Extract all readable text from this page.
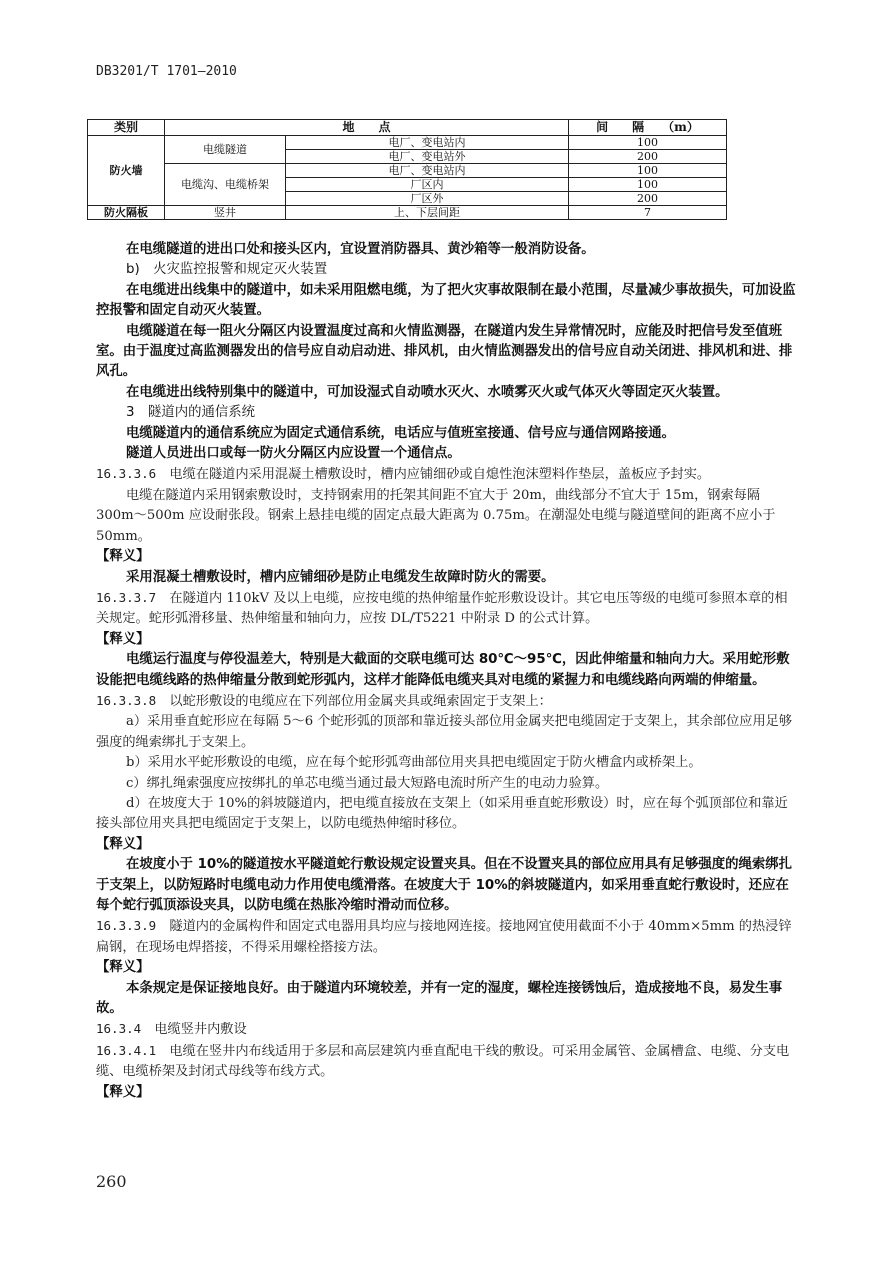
DB3201/T 1701—2010
类别	地　　点		间　　隔　　（m）
防火墙	电缆隧道	电厂、变电站内	100
		电厂、变电站外	200
	电缆沟、电缆桥架	电厂、变电站内	100
		厂区内	100
		厂区外	200
防火隔板	竖井	上、下层间距	7

在电缆隧道的进出口处和接头区内，宜设置消防器具、黄沙箱等一般消防设备。

b)　火灾监控报警和规定灭火装置

在电缆进出线集中的隧道中，如未采用阻燃电缆，为了把火灾事故限制在最小范围，尽量减少事故损失，可加设监控报警和固定自动灭火装置。

电缆隧道在每一阻火分隔区内设置温度过高和火情监测器，在隧道内发生异常情况时，应能及时把信号发至值班室。由于温度过高监测器发出的信号应自动启动进、排风机，由火情监测器发出的信号应自动关闭进、排风机和进、排风孔。

在电缆进出线特别集中的隧道中，可加设湿式自动喷水灭火、水喷雾灭火或气体灭火等固定灭火装置。

3　隧道内的通信系统

电缆隧道内的通信系统应为固定式通信系统，电话应与值班室接通、信号应与通信网路接通。

隧道人员进出口或每一防火分隔区内应设置一个通信点。

16.3.3.6　 电缆在隧道内采用混凝土槽敷设时，槽内应铺细砂或自熄性泡沫塑料作垫层，盖板应予封实。

电缆在隧道内采用钢索敷设时，支持钢索用的托架其间距不宜大于 20m，曲线部分不宜大于 15m，钢索每隔 300m～500m 应设耐张段。钢索上悬挂电缆的固定点最大距离为 0.75m。在潮湿处电缆与隧道壁间的距离不应小于 50mm。

【释义】

采用混凝土槽敷设时，槽内应铺细砂是防止电缆发生故障时防火的需要。

16.3.3.7　 在隧道内 110kV 及以上电缆，应按电缆的热伸缩量作蛇形敷设设计。其它电压等级的电缆可参照本章的相关规定。蛇形弧滑移量、热伸缩量和轴向力，应按 DL/T5221 中附录 D 的公式计算。

【释义】

电缆运行温度与停役温差大，特别是大截面的交联电缆可达 80℃～95℃，因此伸缩量和轴向力大。采用蛇形敷设能把电缆线路的热伸缩量分散到蛇形弧内，这样才能降低电缆夹具对电缆的紧握力和电缆线路向两端的伸缩量。

16.3.3.8　 以蛇形敷设的电缆应在下列部位用金属夹具或绳索固定于支架上：

a）采用垂直蛇形应在每隔 5～6 个蛇形弧的顶部和靠近接头部位用金属夹把电缆固定于支架上，其余部位应用足够强度的绳索绑扎于支架上。

b）采用水平蛇形敷设的电缆，应在每个蛇形弧弯曲部位用夹具把电缆固定于防火槽盒内或桥架上。

c）绑扎绳索强度应按绑扎的单芯电缆当通过最大短路电流时所产生的电动力验算。

d）在坡度大于 10%的斜坡隧道内，把电缆直接放在支架上（如采用垂直蛇形敷设）时，应在每个弧顶部位和靠近接头部位用夹具把电缆固定于支架上，以防电缆热伸缩时移位。

【释义】

在坡度小于 10%的隧道按水平隧道蛇行敷设规定设置夹具。但在不设置夹具的部位应用具有足够强度的绳索绑扎于支架上，以防短路时电缆电动力作用使电缆滑落。在坡度大于 10%的斜坡隧道内，如采用垂直蛇行敷设时，还应在每个蛇行弧顶添设夹具，以防电缆在热胀冷缩时滑动而位移。

16.3.3.9　 隧道内的金属构件和固定式电器用具均应与接地网连接。接地网宜使用截面不小于 40mm×5mm 的热浸锌扁钢，在现场电焊搭接，不得采用螺栓搭接方法。

【释义】

本条规定是保证接地良好。由于隧道内环境较差，并有一定的湿度，螺栓连接锈蚀后，造成接地不良，易发生事故。

16.3.4　 电缆竖井内敷设

16.3.4.1　 电缆在竖井内布线适用于多层和高层建筑内垂直配电干线的敷设。可采用金属管、金属槽盒、电缆、分支电缆、电缆桥架及封闭式母线等布线方式。

【释义】

260
